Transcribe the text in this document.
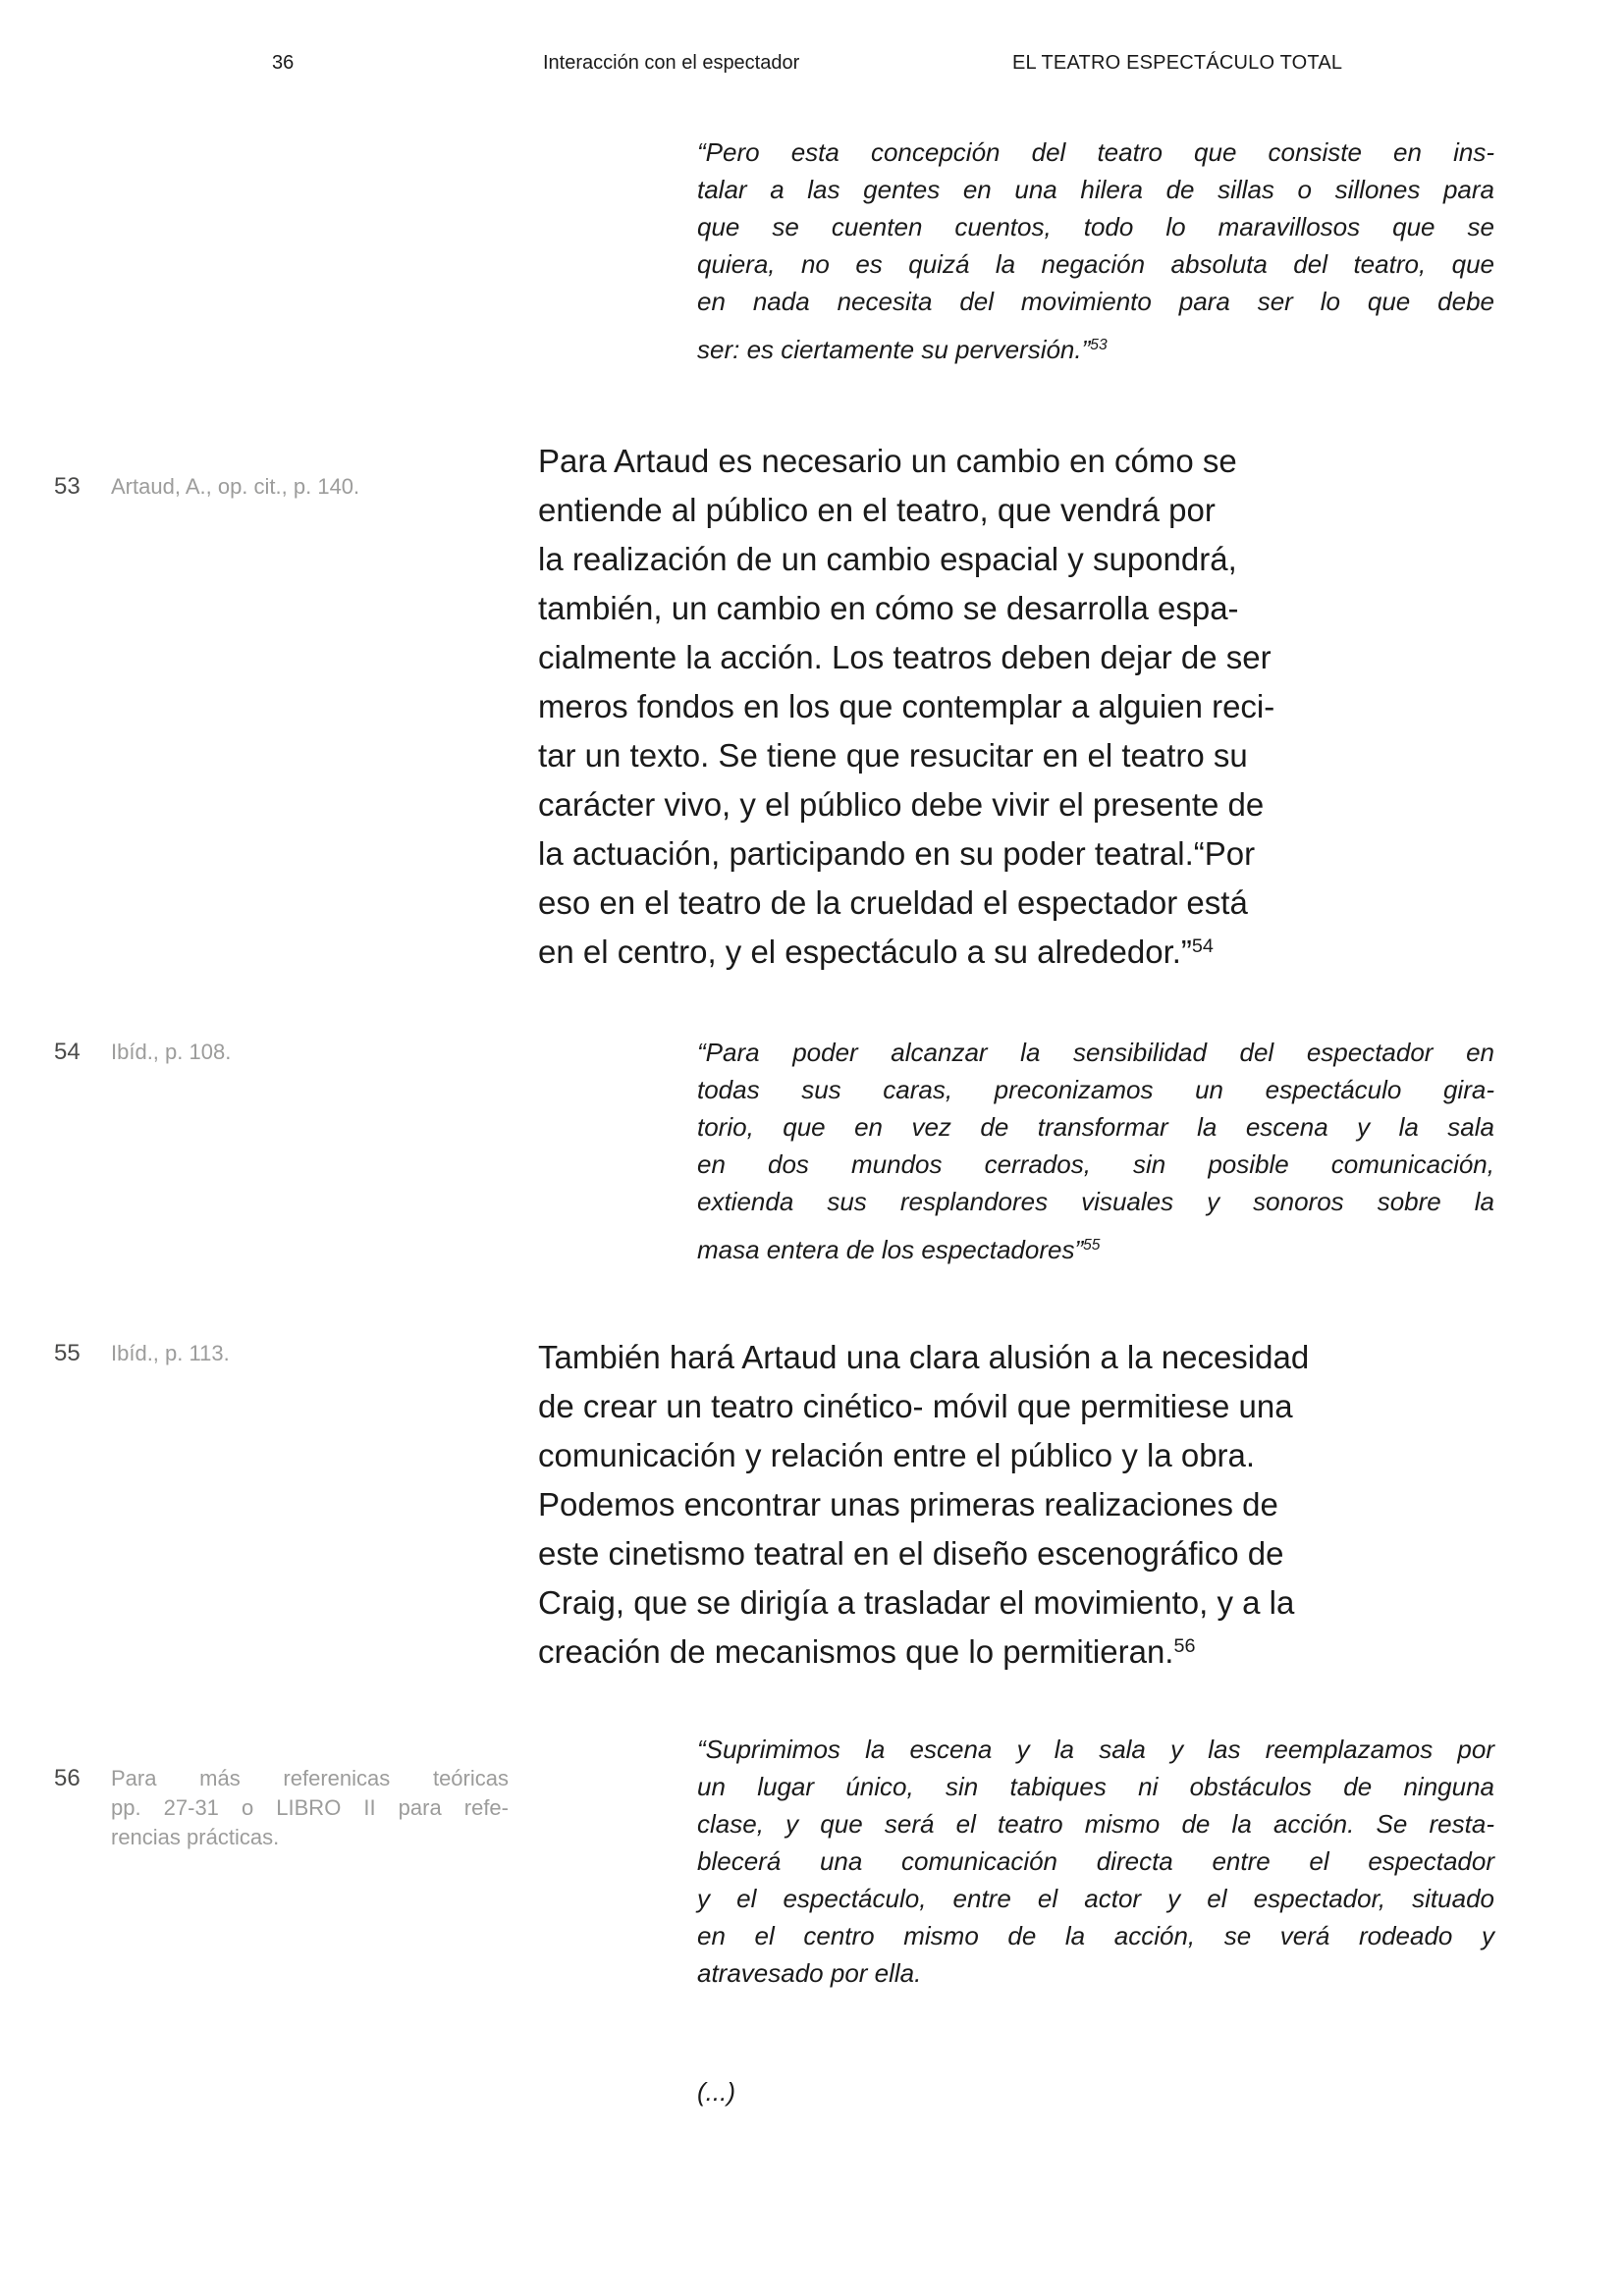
36	Interacción con el espectador	EL TEATRO ESPECTÁCULO TOTAL
53	Artaud, A., op. cit., p. 140.
54	Ibíd., p. 108.
55	Ibíd., p. 113.
56	Para más referenicas teóricas
pp. 27-31 o LIBRO II para refe-
rencias prácticas.
“Pero esta concepción del teatro que consiste en ins-
talar a las gentes en una hilera de sillas o sillones para
que se cuenten cuentos, todo lo maravillosos que se
quiera, no es quizá la negación absoluta del teatro, que
en nada necesita del movimiento para ser lo que debe
ser: es ciertamente su perversión.”$^{53}$
Para Artaud es necesario un cambio en cómo se
entiende al público en el teatro, que vendrá por
la realización de un cambio espacial y supondrá,
también, un cambio en cómo se desarrolla espa-
cialmente la acción. Los teatros deben dejar de ser
meros fondos en los que contemplar a alguien reci-
tar un texto. Se tiene que resucitar en el teatro su
carácter vivo, y el público debe vivir el presente de
la actuación, participando en su poder teatral.“Por
eso en el teatro de la crueldad el espectador está
en el centro, y el espectáculo a su alrededor.”$^{54}$
“Para poder alcanzar la sensibilidad del espectador en
todas sus caras, preconizamos un espectáculo gira-
torio, que en vez de transformar la escena y la sala
en dos mundos cerrados, sin posible comunicación,
extienda sus resplandores visuales y sonoros sobre la
masa entera de los espectadores”$^{55}$
También hará Artaud una clara alusión a la necesidad
de crear un teatro cinético- móvil que permitiese una
comunicación y relación entre el público y la obra.
Podemos encontrar unas primeras realizaciones de
este cinetismo teatral en el diseño escenográfico de
Craig, que se dirigía a trasladar el movimiento, y a la
creación de mecanismos que lo permitieran.$^{56}$
“Suprimimos la escena y la sala y las reemplazamos por
un lugar único, sin tabiques ni obstáculos de ninguna
clase, y que será el teatro mismo de la acción. Se resta-
blecerá una comunicación directa entre el espectador
y el espectáculo, entre el actor y el espectador, situado
en el centro mismo de la acción, se verá rodeado y
atravesado por ella.
(...)
